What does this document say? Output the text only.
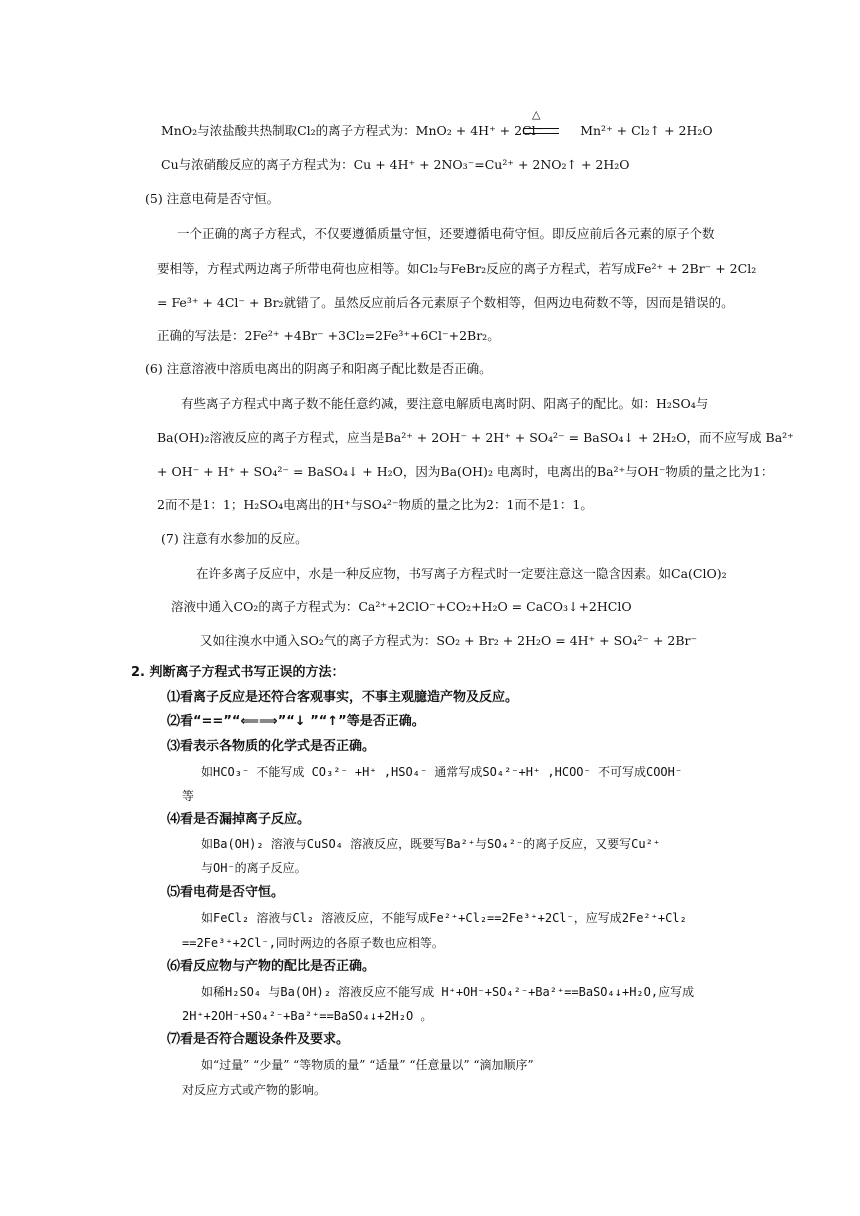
MnO₂与浓盐酸共热制取Cl₂的离子方程式为：MnO₂ + 4H⁺ + 2Cl⁻	Mn²⁺ + Cl₂↑ + 2H₂O
△
Cu与浓硝酸反应的离子方程式为：Cu + 4H⁺ + 2NO₃⁻=Cu²⁺ + 2NO₂↑ + 2H₂O
(5) 注意电荷是否守恒。
一个正确的离子方程式，不仅要遵循质量守恒，还要遵循电荷守恒。即反应前后各元素的原子个数
要相等，方程式两边离子所带电荷也应相等。如Cl₂与FeBr₂反应的离子方程式，若写成Fe²⁺ + 2Br⁻ + 2Cl₂
= Fe³⁺ + 4Cl⁻ + Br₂就错了。虽然反应前后各元素原子个数相等，但两边电荷数不等，因而是错误的。
正确的写法是：2Fe²⁺ +4Br⁻ +3Cl₂=2Fe³⁺+6Cl⁻+2Br₂。
(6) 注意溶液中溶质电离出的阴离子和阳离子配比数是否正确。
有些离子方程式中离子数不能任意约减，要注意电解质电离时阴、阳离子的配比。如：H₂SO₄与
Ba(OH)₂溶液反应的离子方程式，应当是Ba²⁺ + 2OH⁻ + 2H⁺ + SO₄²⁻ = BaSO₄↓ + 2H₂O，而不应写成 Ba²⁺
+ OH⁻ + H⁺ + SO₄²⁻ = BaSO₄↓ + H₂O，因为Ba(OH)₂ 电离时，电离出的Ba²⁺与OH⁻物质的量之比为1：
2而不是1：1；H₂SO₄电离出的H⁺与SO₄²⁻物质的量之比为2：1而不是1：1。
(7) 注意有水参加的反应。
在许多离子反应中，水是一种反应物，书写离子方程式时一定要注意这一隐含因素。如Ca(ClO)₂
溶液中通入CO₂的离子方程式为：Ca²⁺+2ClO⁻+CO₂+H₂O = CaCO₃↓+2HClO
又如往溴水中通入SO₂气的离子方程式为：SO₂ + Br₂ + 2H₂O = 4H⁺ + SO₄²⁻ + 2Br⁻
2. 判断离子方程式书写正误的方法：
⑴看离子反应是还符合客观事实，不事主观臆造产物及反应。
⑵看“==”“⟸⟹”“↓ ”“↑”等是否正确。
⑶看表示各物质的化学式是否正确。
如HCO₃⁻ 不能写成 CO₃²⁻ +H⁺ ,HSO₄⁻ 通常写成SO₄²⁻+H⁺ ,HCOO⁻ 不可写成COOH⁻
等
⑷看是否漏掉离子反应。
如Ba(OH)₂ 溶液与CuSO₄ 溶液反应，既要写Ba²⁺与SO₄²⁻的离子反应，又要写Cu²⁺
与OH⁻的离子反应。
⑸看电荷是否守恒。
如FeCl₂ 溶液与Cl₂ 溶液反应，不能写成Fe²⁺+Cl₂==2Fe³⁺+2Cl⁻，应写成2Fe²⁺+Cl₂
==2Fe³⁺+2Cl⁻,同时两边的各原子数也应相等。
⑹看反应物与产物的配比是否正确。
如稀H₂SO₄ 与Ba(OH)₂ 溶液反应不能写成 H⁺+OH⁻+SO₄²⁻+Ba²⁺==BaSO₄↓+H₂O,应写成
2H⁺+2OH⁻+SO₄²⁻+Ba²⁺==BaSO₄↓+2H₂O 。
⑺看是否符合题设条件及要求。
如“过量” “少量” “等物质的量” “适量” “任意量以” “滴加顺序”
对反应方式或产物的影响。
